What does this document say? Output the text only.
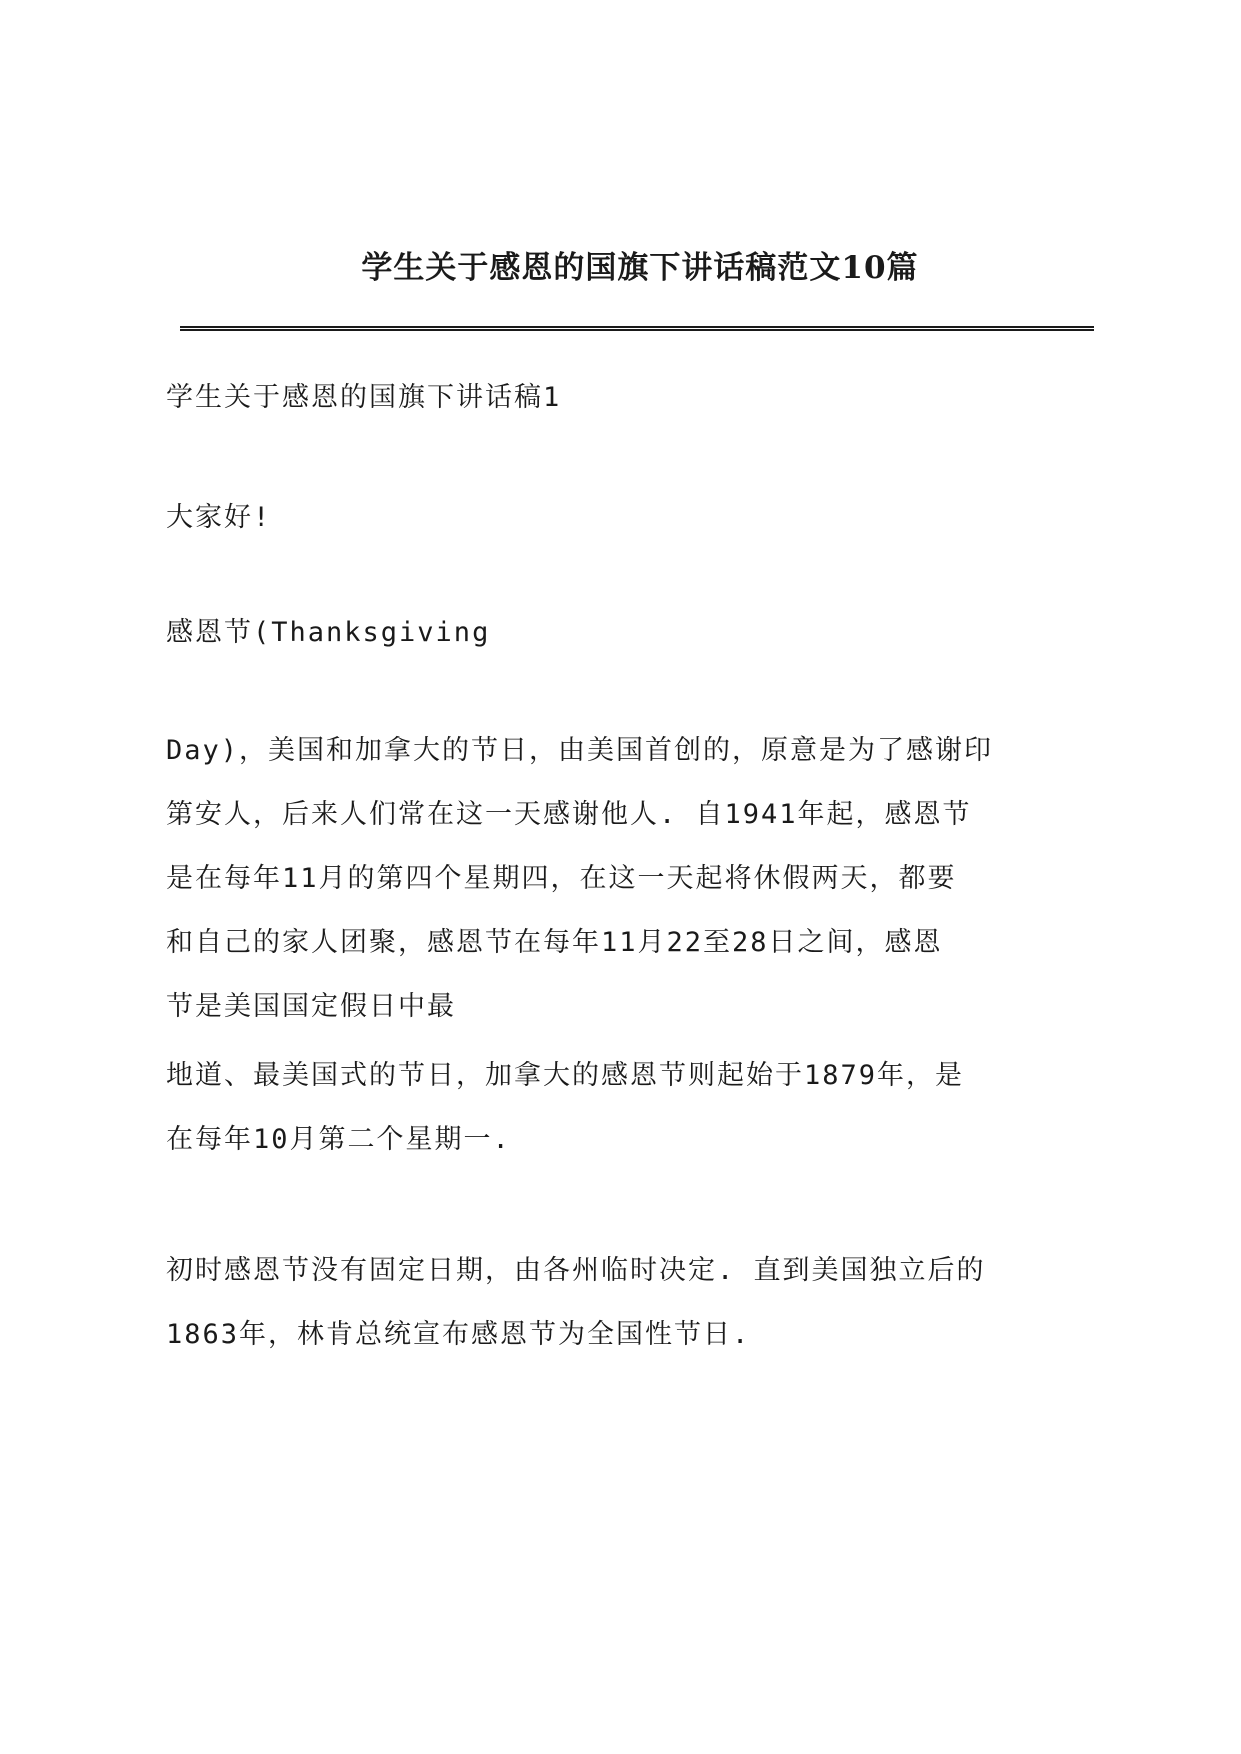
学生关于感恩的国旗下讲话稿范文10篇

学生关于感恩的国旗下讲话稿1

大家好!

感恩节(Thanksgiving

Day)，美国和加拿大的节日，由美国首创的，原意是为了感谢印
第安人，后来人们常在这一天感谢他人. 自1941年起，感恩节
是在每年11月的第四个星期四，在这一天起将休假两天，都要
和自己的家人团聚，感恩节在每年11月22至28日之间，感恩
节是美国国定假日中最

地道、最美国式的节日，加拿大的感恩节则起始于1879年，是
在每年10月第二个星期一.

初时感恩节没有固定日期，由各州临时决定. 直到美国独立后的
1863年，林肯总统宣布感恩节为全国性节日.
